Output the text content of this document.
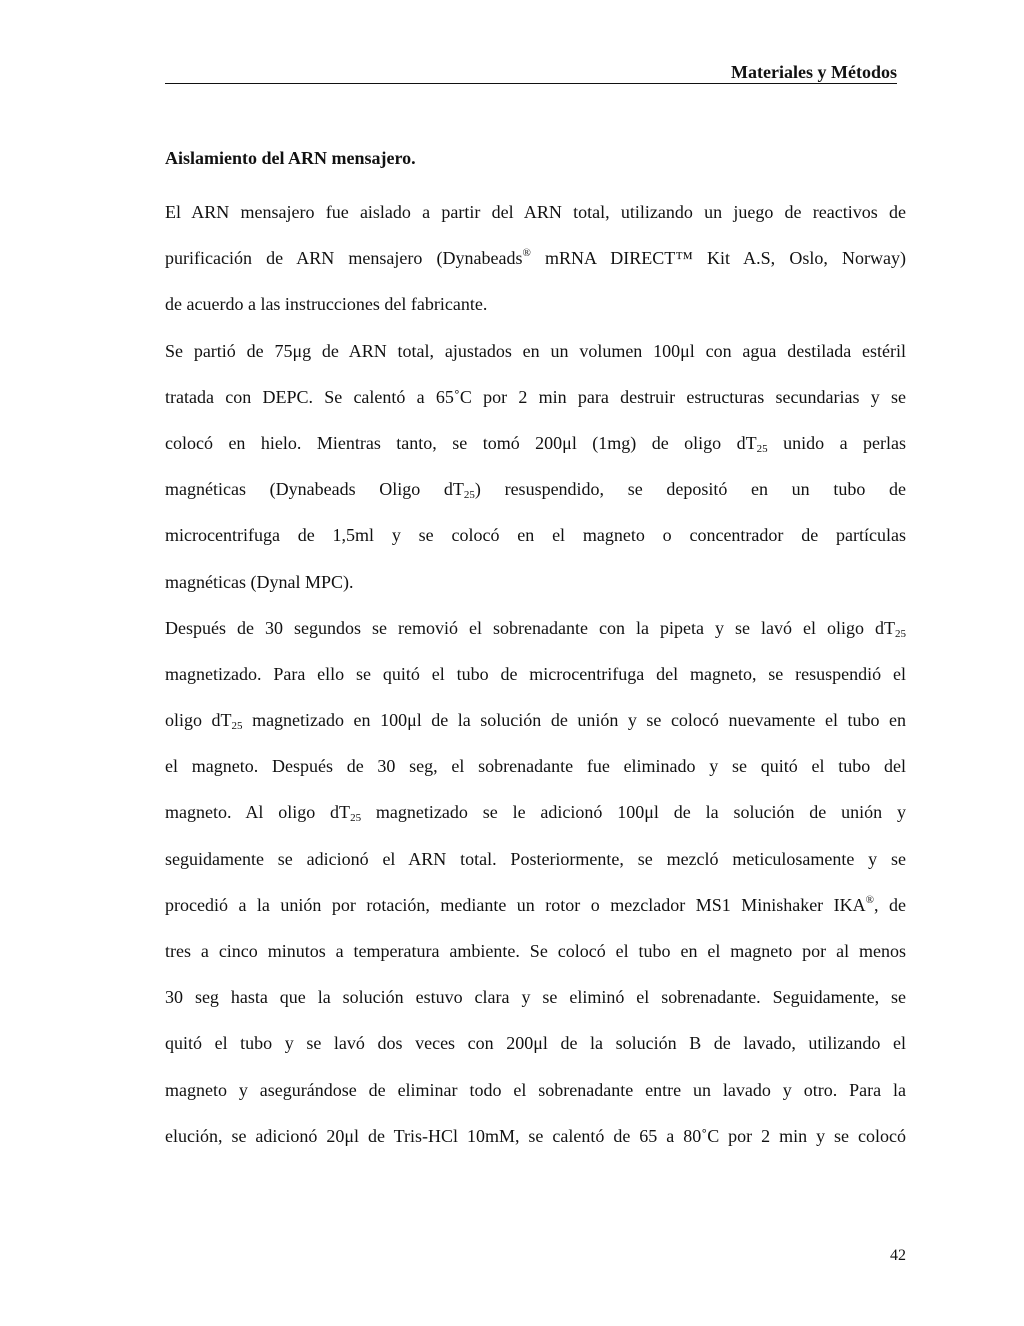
Materiales y Métodos
Aislamiento del ARN mensajero.
El ARN mensajero fue aislado a partir del ARN total, utilizando un juego de reactivos de
purificación de ARN mensajero (Dynabeads® mRNA DIRECT™ Kit A.S, Oslo, Norway)
de acuerdo a las instrucciones del fabricante.
Se partió de 75μg de ARN total, ajustados en un volumen 100μl con agua destilada estéril
tratada con DEPC. Se calentó a 65˚C por 2 min para destruir estructuras secundarias y se
colocó en hielo. Mientras tanto, se tomó 200μl (1mg) de oligo $dT_{25}$ unido a perlas
magnéticas (Dynabeads Oligo $dT_{25}$) resuspendido, se depositó en un tubo de
microcentrifuga de 1,5ml y se colocó en el magneto o concentrador de partículas
magnéticas (Dynal MPC).
Después de 30 segundos se removió el sobrenadante con la pipeta y se lavó el oligo $dT_{25}$
magnetizado. Para ello se quitó el tubo de microcentrifuga del magneto, se resuspendió el
oligo $dT_{25}$ magnetizado en 100μl de la solución de unión y se colocó nuevamente el tubo en
el magneto. Después de 30 seg, el sobrenadante fue eliminado y se quitó el tubo del
magneto. Al oligo $dT_{25}$ magnetizado se le adicionó 100μl de la solución de unión y
seguidamente se adicionó el ARN total. Posteriormente, se mezcló meticulosamente y se
procedió a la unión por rotación, mediante un rotor o mezclador MS1 Minishaker IKA®, de
tres a cinco minutos a temperatura ambiente. Se colocó el tubo en el magneto por al menos
30 seg hasta que la solución estuvo clara y se eliminó el sobrenadante. Seguidamente, se
quitó el tubo y se lavó dos veces con 200μl de la solución B de lavado, utilizando el
magneto y asegurándose de eliminar todo el sobrenadante entre un lavado y otro. Para la
elución, se adicionó 20μl de Tris-HCl 10mM, se calentó de 65 a 80˚C por 2 min y se colocó
42
